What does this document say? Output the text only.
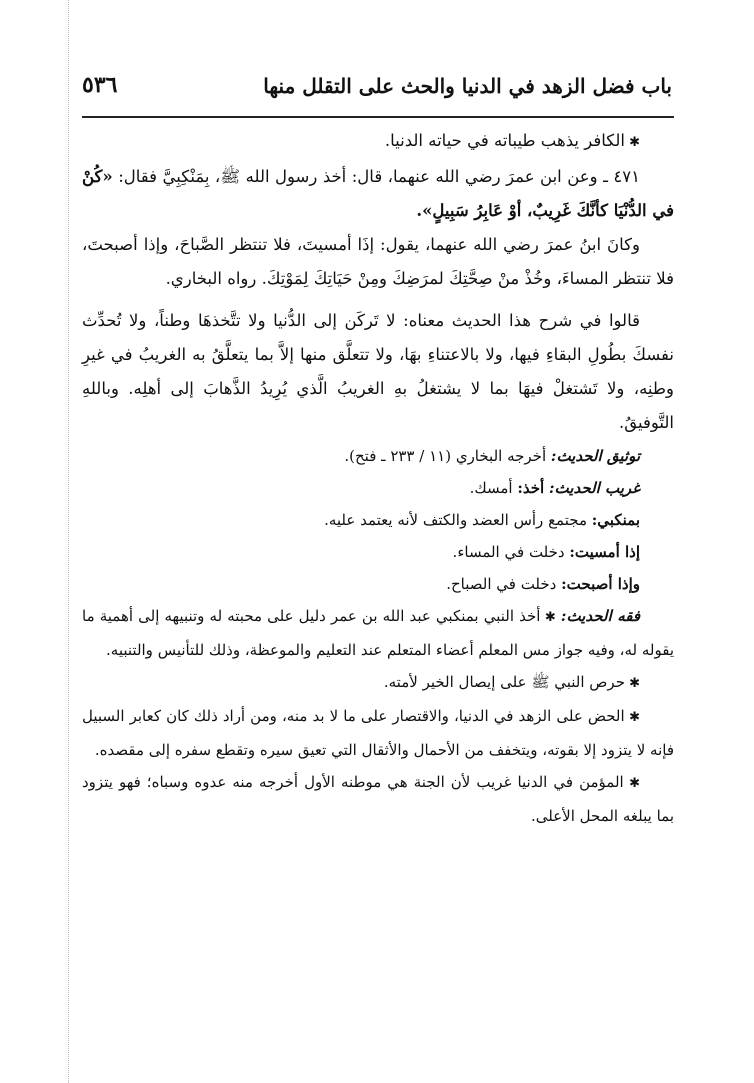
باب فضل الزهد في الدنيا والحث على التقلل منها
٥٣٦

✱ الكافر يذهب طيباته في حياته الدنيا.

٤٧١ ـ وعن ابن عمرَ رضي الله عنهما، قال: أخذ رسول الله ﷺ، بِمَنْكِبِيَّ فقال: «كُنْ في الدُّنْيَا كأنَّكَ غَرِيبٌ، أوْ عَابِرُ سَبِيلٍ».

وكانَ ابنُ عمرَ رضي الله عنهما، يقول: إذَا أمسيتَ، فلا تنتظر الصَّباحَ، وإذا أصبحتَ، فلا تنتظر المساءَ، وخُذْ منْ صِحَّتِكَ لمرَضِكَ ومِنْ حَيَاتِكَ لِمَوْتِكَ. رواه البخاري.

قالوا في شرح هذا الحديث معناه: لا تَركَن إلى الدُّنيا ولا تتَّخذهَا وطناً، ولا تُحدِّث نفسكَ بطُولِ البقاءِ فيها، ولا بالاعتناءِ بهَا، ولا تتعلَّق منها إلاَّ بما يتعلَّقُ به الغريبُ في غيرِ وطنِه، ولا تَشتغلْ فيهَا بما لا يشتغلُ بهِ الغريبُ الَّذي يُرِيدُ الذَّهابَ إلى أهلِه. وباللهِ التَّوفيقُ.

توثيق الحديث: أخرجه البخاري (١١ / ٢٣٣ ـ فتح).

غريب الحديث: أخذ: أمسك.

بمنكبي: مجتمع رأس العضد والكتف لأنه يعتمد عليه.

إذا أمسيت: دخلت في المساء.

وإذا أصبحت: دخلت في الصباح.

فقه الحديث: ✱ أخذ النبي بمنكبي عبد الله بن عمر دليل على محبته له وتنبيهه إلى أهمية ما يقوله له، وفيه جواز مس المعلم أعضاء المتعلم عند التعليم والموعظة، وذلك للتأنيس والتنبيه.

✱ حرص النبي ﷺ على إيصال الخير لأمته.

✱ الحض على الزهد في الدنيا، والاقتصار على ما لا بد منه، ومن أراد ذلك كان كعابر السبيل فإنه لا يتزود إلا بقوته، ويتخفف من الأحمال والأثقال التي تعيق سيره وتقطع سفره إلى مقصده.

✱ المؤمن في الدنيا غريب لأن الجنة هي موطنه الأول أخرجه منه عدوه وسباه؛ فهو يتزود بما يبلغه المحل الأعلى.
